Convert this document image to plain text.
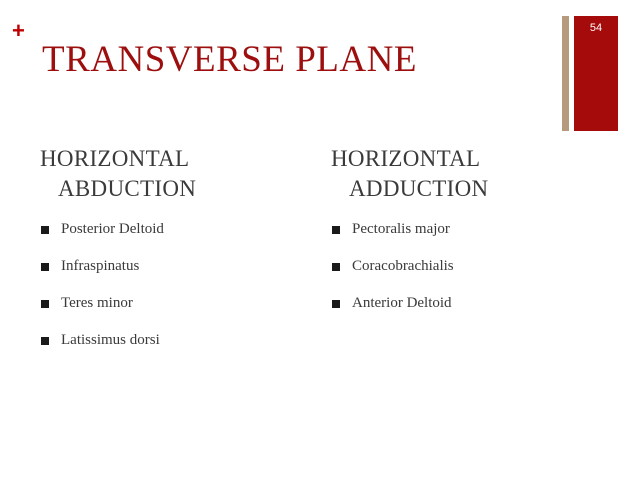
+
TRANSVERSE PLANE
54
HORIZONTAL
ABDUCTION
Posterior Deltoid
Infraspinatus
Teres minor
Latissimus dorsi
HORIZONTAL
ADDUCTION
Pectoralis major
Coracobrachialis
Anterior Deltoid
